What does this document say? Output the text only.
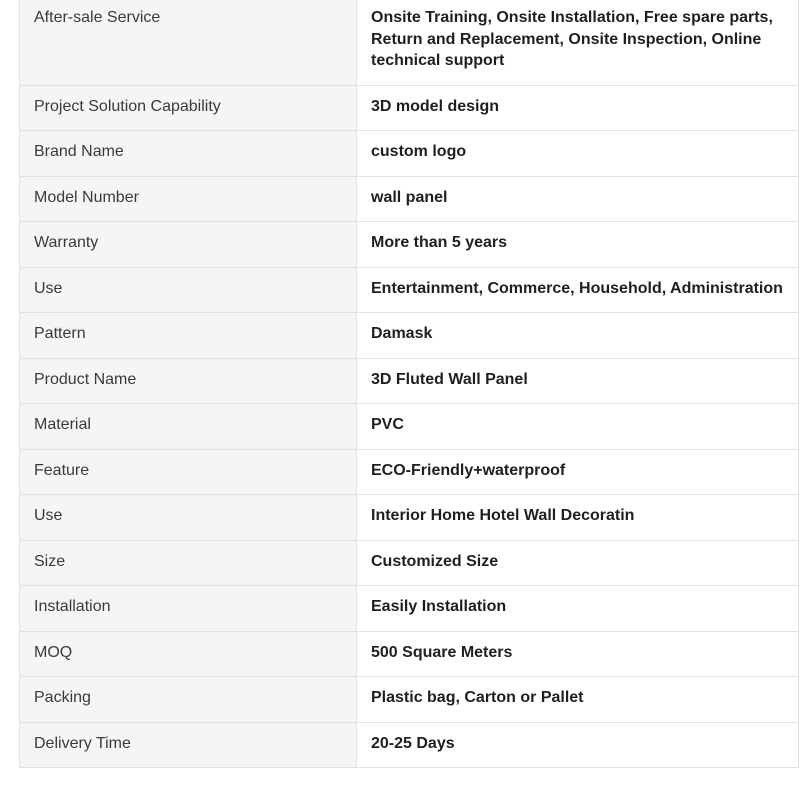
After-sale Service	Onsite Training, Onsite Installation, Free spare parts, Return and Replacement, Onsite Inspection, Online technical support
Project Solution Capability	3D model design
Brand Name	custom logo
Model Number	wall panel
Warranty	More than 5 years
Use	Entertainment, Commerce, Household, Administration
Pattern	Damask
Product Name	3D Fluted Wall Panel
Material	PVC
Feature	ECO-Friendly+waterproof
Use	Interior Home Hotel Wall Decoratin
Size	Customized Size
Installation	Easily Installation
MOQ	500 Square Meters
Packing	Plastic bag, Carton or Pallet
Delivery Time	20-25 Days
